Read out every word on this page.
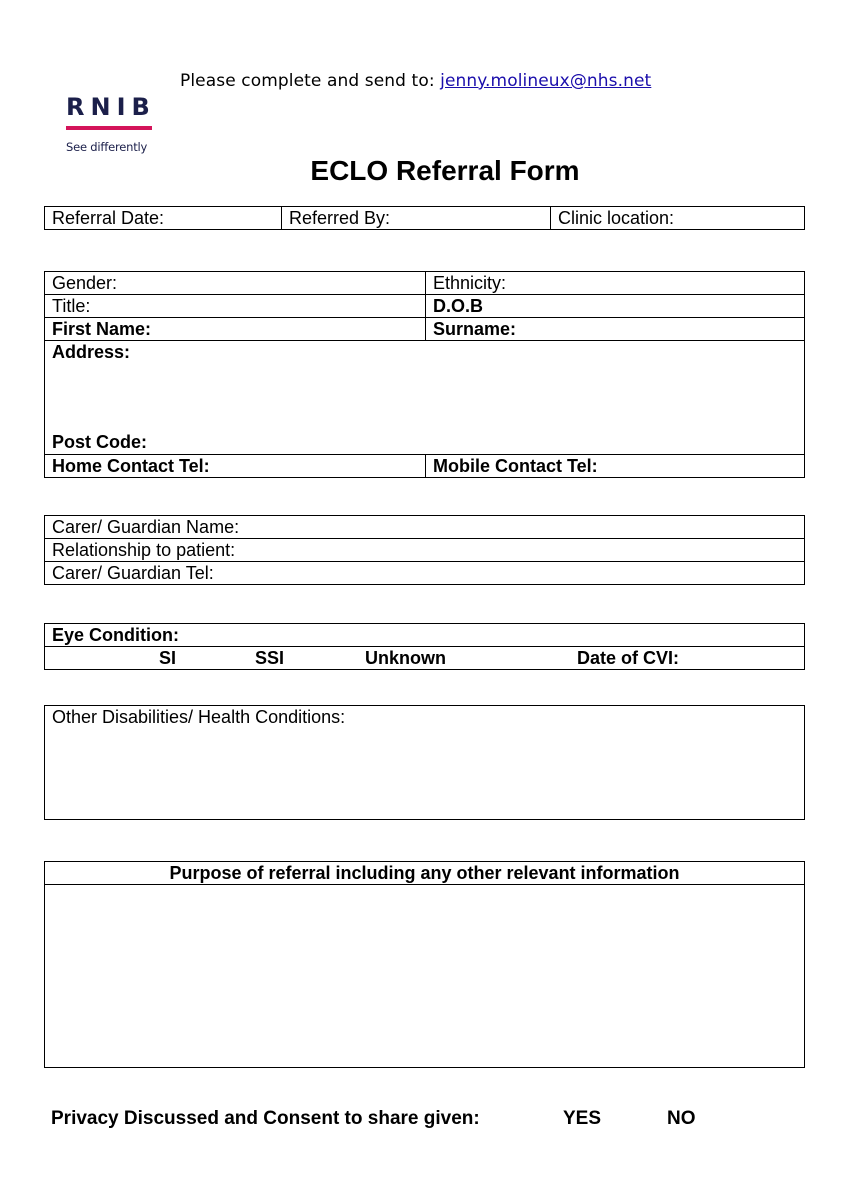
Please complete and send to: jenny.molineux@nhs.net
RNIB
See differently
ECLO Referral Form
Referral Date:	Referred By:	Clinic location:
Gender:	Ethnicity:
Title:	D.O.B
First Name:	Surname:

Address:
Post Code:	

Home Contact Tel:	Mobile Contact Tel:
Carer/ Guardian Name:
Relationship to patient:
Carer/ Guardian Tel:
Eye Condition:

SI	SSI	Unknown	Date of CVI:
Other Disabilities/ Health Conditions:
Purpose of referral including any other relevant information

Privacy Discussed and Consent to share given:	YES	NO
